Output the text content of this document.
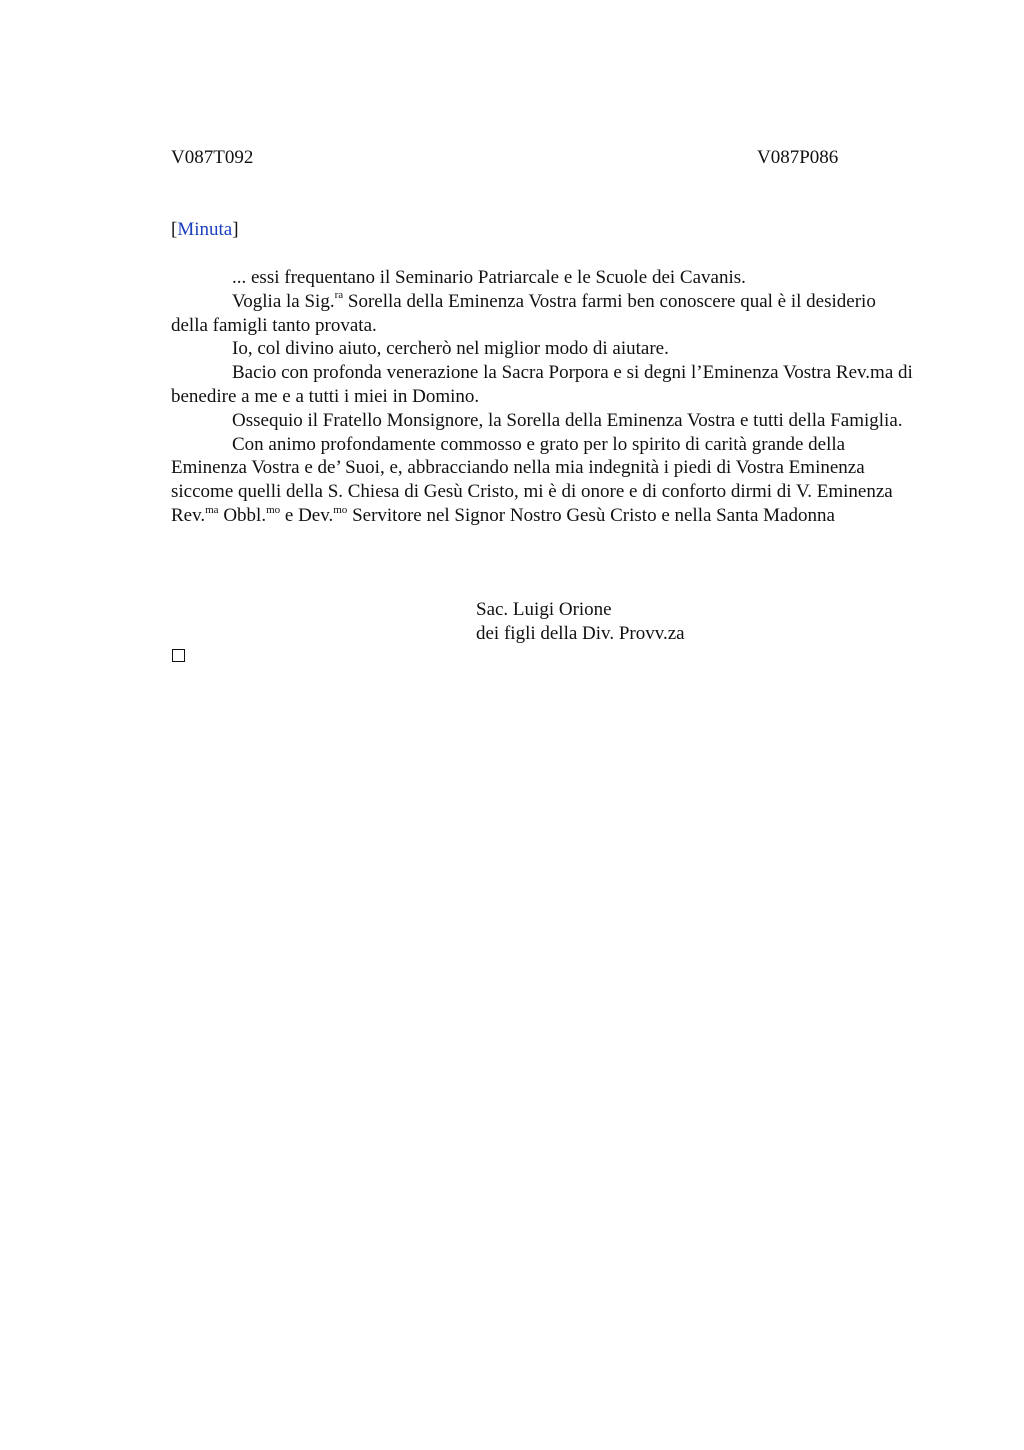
V087T092	V087P086
[Minuta]

... essi frequentano il Seminario Patriarcale e le Scuole dei Cavanis.

Voglia la Sig.$^{ra}$ Sorella della Eminenza Vostra farmi ben conoscere qual è il desiderio della famigli tanto provata.

Io, col divino aiuto, cercherò nel miglior modo di aiutare.

Bacio con profonda venerazione la Sacra Porpora e si degni l’Eminenza Vostra Rev.ma di benedire a me e a tutti i miei in Domino.

Ossequio il Fratello Monsignore, la Sorella della Eminenza Vostra e tutti della Famiglia.

Con animo profondamente commosso e grato per lo spirito di carità grande della Eminenza Vostra e de’ Suoi, e, abbracciando nella mia indegnità i piedi di Vostra Eminenza siccome quelli della S. Chiesa di Gesù Cristo, mi è di onore e di conforto dirmi di V. Eminenza Rev.$^{ma}$ Obbl.$^{mo}$ e Dev.$^{mo}$ Servitore nel Signor Nostro Gesù Cristo e nella Santa Madonna

Sac. Luigi Orione
dei figli della Div. Provv.za
